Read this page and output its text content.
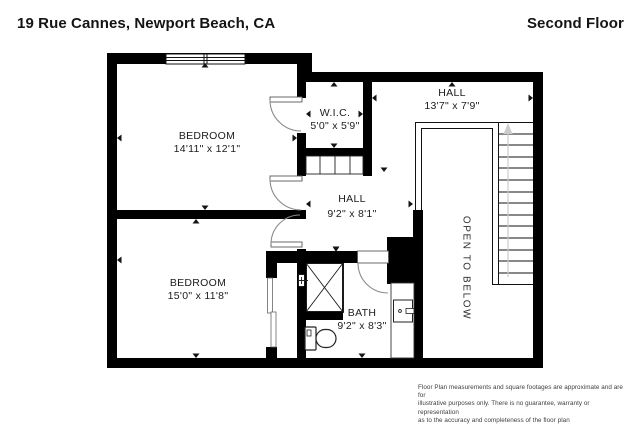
19 Rue Cannes, Newport Beach, CA	Second Floor
BEDROOM
14'11" x 12'1"
BEDROOM
15'0" x 11'8"
W.I.C.
5'0" x 5'9"
HALL
13'7" x 7'9"
HALL
9'2" x 8'1"
BATH
9'2" x 8'3"
OPEN TO BELOW
Floor Plan measurements and square footages are approximate and are for
illustrative purposes only. There is no guarantee, warranty or representation
as to the accuracy and completeness of the floor plan
